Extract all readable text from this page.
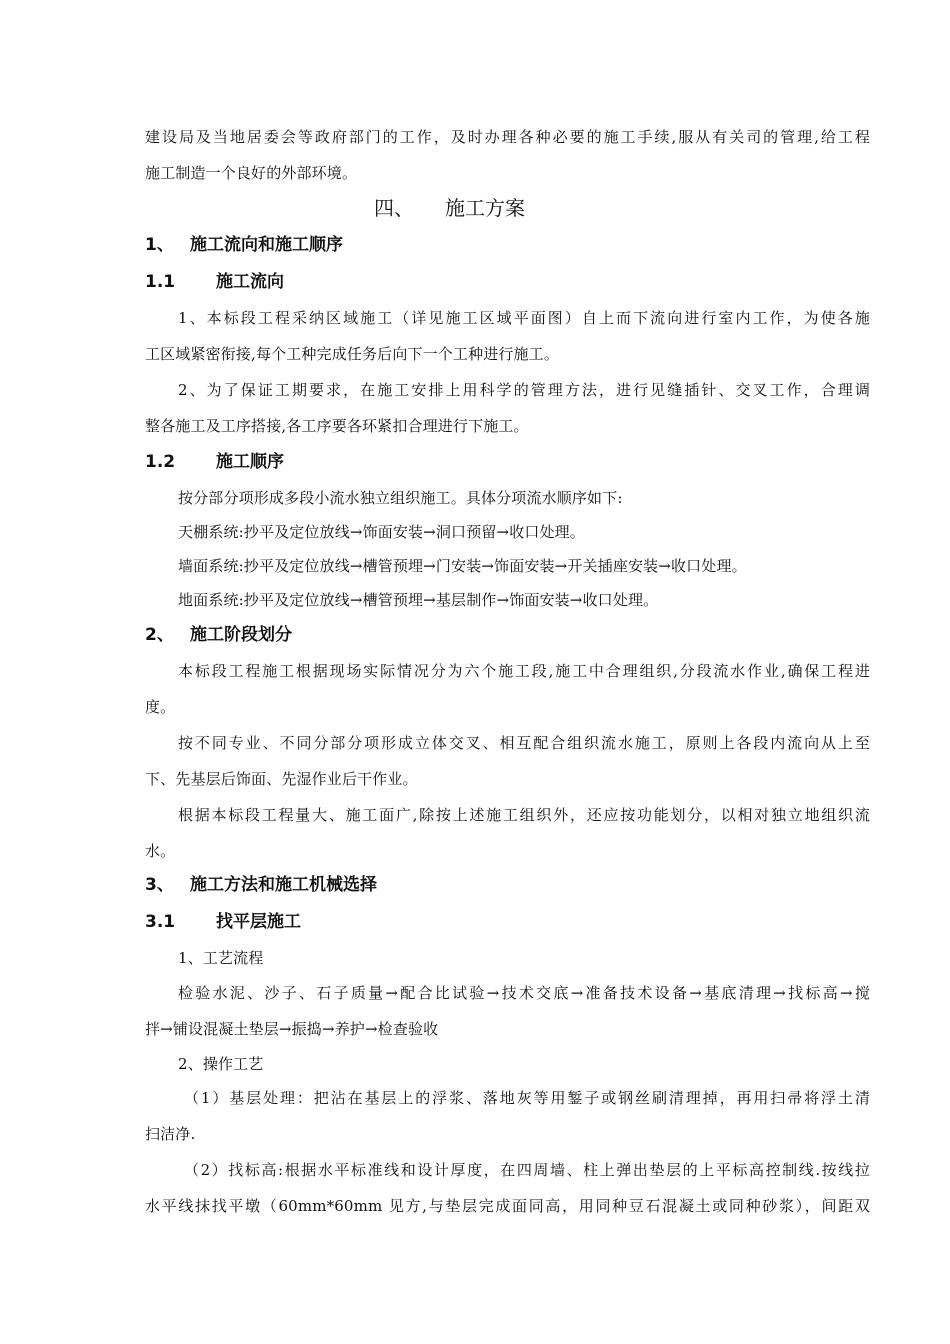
建设局及当地居委会等政府部门的工作，及时办理各种必要的施工手续,服从有关司的管理,给工程
施工制造一个良好的外部环境。
四、 施工方案
1、 施工流向和施工顺序
1.1 施工流向
1、本标段工程采纳区域施工（详见施工区域平面图）自上而下流向进行室内工作，为使各施
工区域紧密衔接,每个工种完成任务后向下一个工种进行施工。
2、为了保证工期要求，在施工安排上用科学的管理方法，进行见缝插针、交叉工作，合理调
整各施工及工序搭接,各工序要各环紧扣合理进行下施工。
1.2 施工顺序
按分部分项形成多段小流水独立组织施工。具体分项流水顺序如下:
天棚系统:抄平及定位放线→饰面安装→洞口预留→收口处理。
墙面系统:抄平及定位放线→槽管预埋→门安装→饰面安装→开关插座安装→收口处理。
地面系统:抄平及定位放线→槽管预埋→基层制作→饰面安装→收口处理。
2、 施工阶段划分
本标段工程施工根据现场实际情况分为六个施工段,施工中合理组织,分段流水作业,确保工程进
度。
按不同专业、不同分部分项形成立体交叉、相互配合组织流水施工，原则上各段内流向从上至
下、先基层后饰面、先湿作业后干作业。
根据本标段工程量大、施工面广,除按上述施工组织外，还应按功能划分，以相对独立地组织流
水。
3、 施工方法和施工机械选择
3.1 找平层施工
1、工艺流程
检验水泥、沙子、石子质量→配合比试验→技术交底→准备技术设备→基底清理→找标高→搅
拌→铺设混凝土垫层→振捣→养护→检查验收
2、操作工艺
（1）基层处理：把沾在基层上的浮浆、落地灰等用錾子或钢丝刷清理掉，再用扫帚将浮土清
扫洁净.
（2）找标高:根据水平标准线和设计厚度，在四周墙、柱上弹出垫层的上平标高控制线.按线拉
水平线抹找平墩（60mm*60mm 见方,与垫层完成面同高，用同种豆石混凝土或同种砂浆），间距双
